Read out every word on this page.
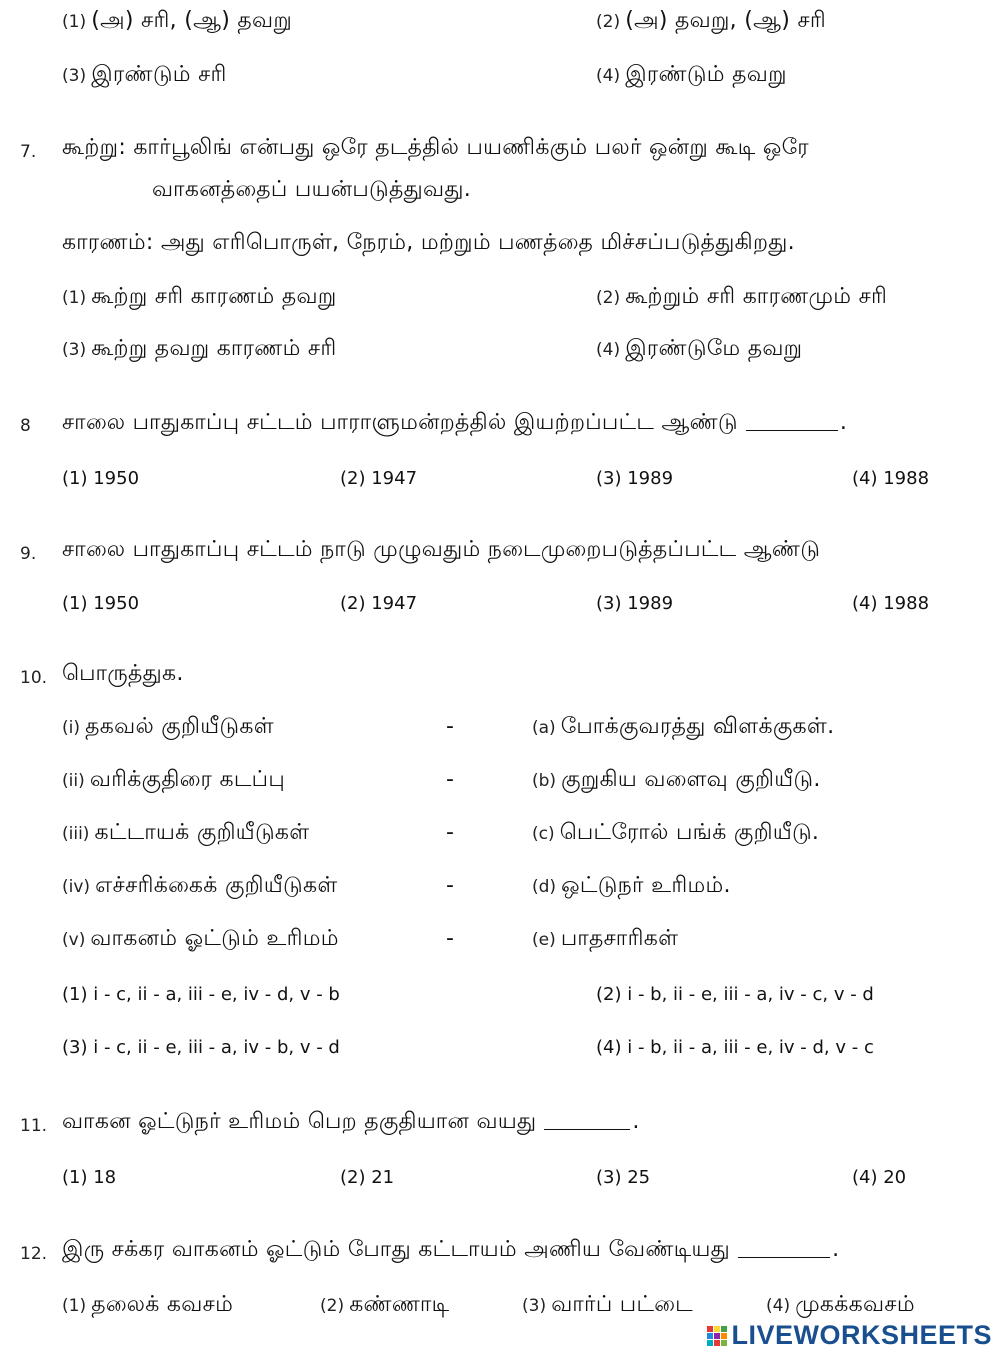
(1) (அ) சரி, (ஆ) தவறு	(2) (அ) தவறு, (ஆ) சரி
(3) இரண்டும் சரி	(4) இரண்டும் தவறு
7. கூற்று: கார்பூலிங் என்பது ஒரே தடத்தில் பயணிக்கும் பலர் ஒன்று கூடி ஒரே
வாகனத்தைப் பயன்படுத்துவது.
காரணம்: அது எரிபொருள், நேரம், மற்றும் பணத்தை மிச்சப்படுத்துகிறது.
(1) கூற்று சரி காரணம் தவறு	(2) கூற்றும் சரி காரணமும் சரி
(3) கூற்று தவறு காரணம் சரி	(4) இரண்டுமே தவறு
8 சாலை பாதுகாப்பு சட்டம் பாராளுமன்றத்தில் இயற்றப்பட்ட ஆண்டு	.
(1) 1950	(2) 1947	(3) 1989	(4) 1988
9. சாலை பாதுகாப்பு சட்டம் நாடு முழுவதும் நடைமுறைபடுத்தப்பட்ட ஆண்டு
(1) 1950	(2) 1947	(3) 1989	(4) 1988
10. பொருத்துக.
(i) தகவல் குறியீடுகள்	-	(a) போக்குவரத்து விளக்குகள்.
(ii) வரிக்குதிரை கடப்பு	-	(b) குறுகிய வளைவு குறியீடு.
(iii) கட்டாயக் குறியீடுகள்	-	(c) பெட்ரோல் பங்க் குறியீடு.
(iv) எச்சரிக்கைக் குறியீடுகள்	-	(d) ஒட்டுநர் உரிமம்.
(v) வாகனம் ஓட்டும் உரிமம்	-	(e) பாதசாரிகள்
(1) i - c, ii - a, iii - e, iv - d, v - b	(2) i - b, ii - e, iii - a, iv - c, v - d
(3) i - c, ii - e, iii - a, iv - b, v - d	(4) i - b, ii - a, iii - e, iv - d, v - c
11. வாகன ஓட்டுநர் உரிமம் பெற தகுதியான வயது	.
(1) 18	(2) 21	(3) 25	(4) 20
12. இரு சக்கர வாகனம் ஓட்டும் போது கட்டாயம் அணிய வேண்டியது	.
(1) தலைக் கவசம்	(2) கண்ணாடி	(3) வார்ப் பட்டை	(4) முகக்கவசம்
LIVEWORKSHEETS
